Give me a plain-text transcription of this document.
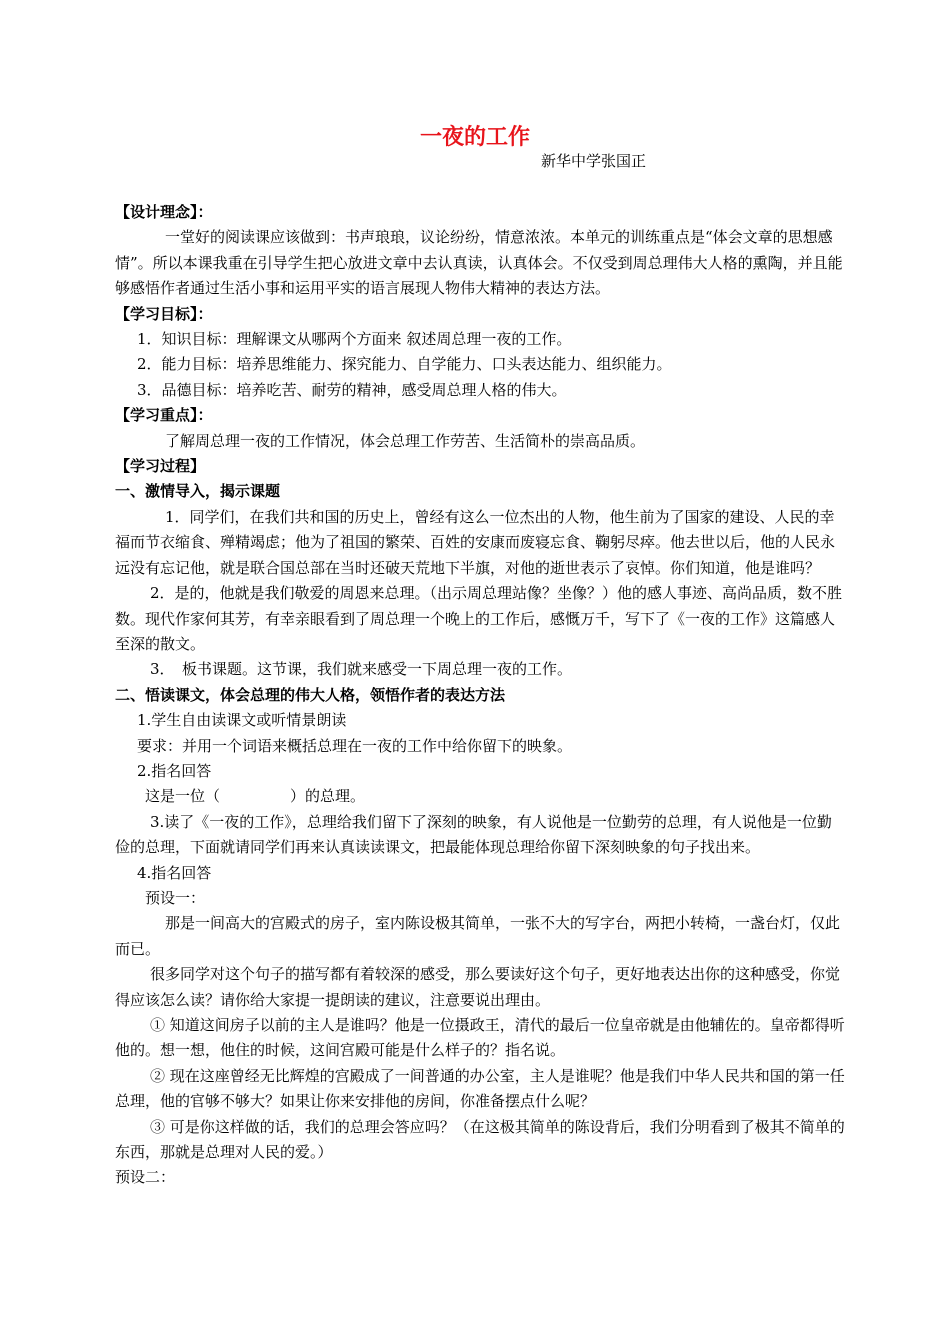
一夜的工作
新华中学张国正

【设计理念】：

一堂好的阅读课应该做到：书声琅琅，议论纷纷，情意浓浓。本单元的训练重点是“体会文章的思想感情”。所以本课我重在引导学生把心放进文章中去认真读，认真体会。不仅受到周总理伟大人格的熏陶，并且能够感悟作者通过生活小事和运用平实的语言展现人物伟大精神的表达方法。

【学习目标】：

1．知识目标：理解课文从哪两个方面来 叙述周总理一夜的工作。

2．能力目标：培养思维能力、探究能力、自学能力、口头表达能力、组织能力。

3．品德目标：培养吃苦、耐劳的精神，感受周总理人格的伟大。

【学习重点】：

了解周总理一夜的工作情况，体会总理工作劳苦、生活简朴的崇高品质。

【学习过程】

一、激情导入，揭示课题

1．同学们，在我们共和国的历史上，曾经有这么一位杰出的人物，他生前为了国家的建设、人民的幸福而节衣缩食、殚精竭虑；他为了祖国的繁荣、百姓的安康而废寝忘食、鞠躬尽瘁。他去世以后，他的人民永远没有忘记他，就是联合国总部在当时还破天荒地下半旗，对他的逝世表示了哀悼。你们知道，他是谁吗？

2．是的，他就是我们敬爱的周恩来总理。（出示周总理站像？坐像？）他的感人事迹、高尚品质，数不胜数。现代作家何其芳，有幸亲眼看到了周总理一个晚上的工作后，感慨万千，写下了《一夜的工作》这篇感人至深的散文。

3．　板书课题。这节课，我们就来感受一下周总理一夜的工作。

二、悟读课文，体会总理的伟大人格，领悟作者的表达方法

1.学生自由读课文或听情景朗读

要求：并用一个词语来概括总理在一夜的工作中给你留下的映象。

2.指名回答

这是一位（	）的总理。

3.读了《一夜的工作》，总理给我们留下了深刻的映象，有人说他是一位勤劳的总理，有人说他是一位勤俭的总理，下面就请同学们再来认真读读课文，把最能体现总理给你留下深刻映象的句子找出来。

4.指名回答

预设一：

那是一间高大的宫殿式的房子，室内陈设极其简单，一张不大的写字台，两把小转椅，一盏台灯，仅此而已。

很多同学对这个句子的描写都有着较深的感受，那么要读好这个句子，更好地表达出你的这种感受，你觉得应该怎么读？请你给大家提一提朗读的建议，注意要说出理由。

① 知道这间房子以前的主人是谁吗？他是一位摄政王，清代的最后一位皇帝就是由他辅佐的。皇帝都得听他的。想一想，他住的时候，这间宫殿可能是什么样子的？指名说。

② 现在这座曾经无比辉煌的宫殿成了一间普通的办公室，主人是谁呢？他是我们中华人民共和国的第一任总理，他的官够不够大？如果让你来安排他的房间，你准备摆点什么呢？

③ 可是你这样做的话，我们的总理会答应吗？（在这极其简单的陈设背后，我们分明看到了极其不简单的东西，那就是总理对人民的爱。）

预设二：
